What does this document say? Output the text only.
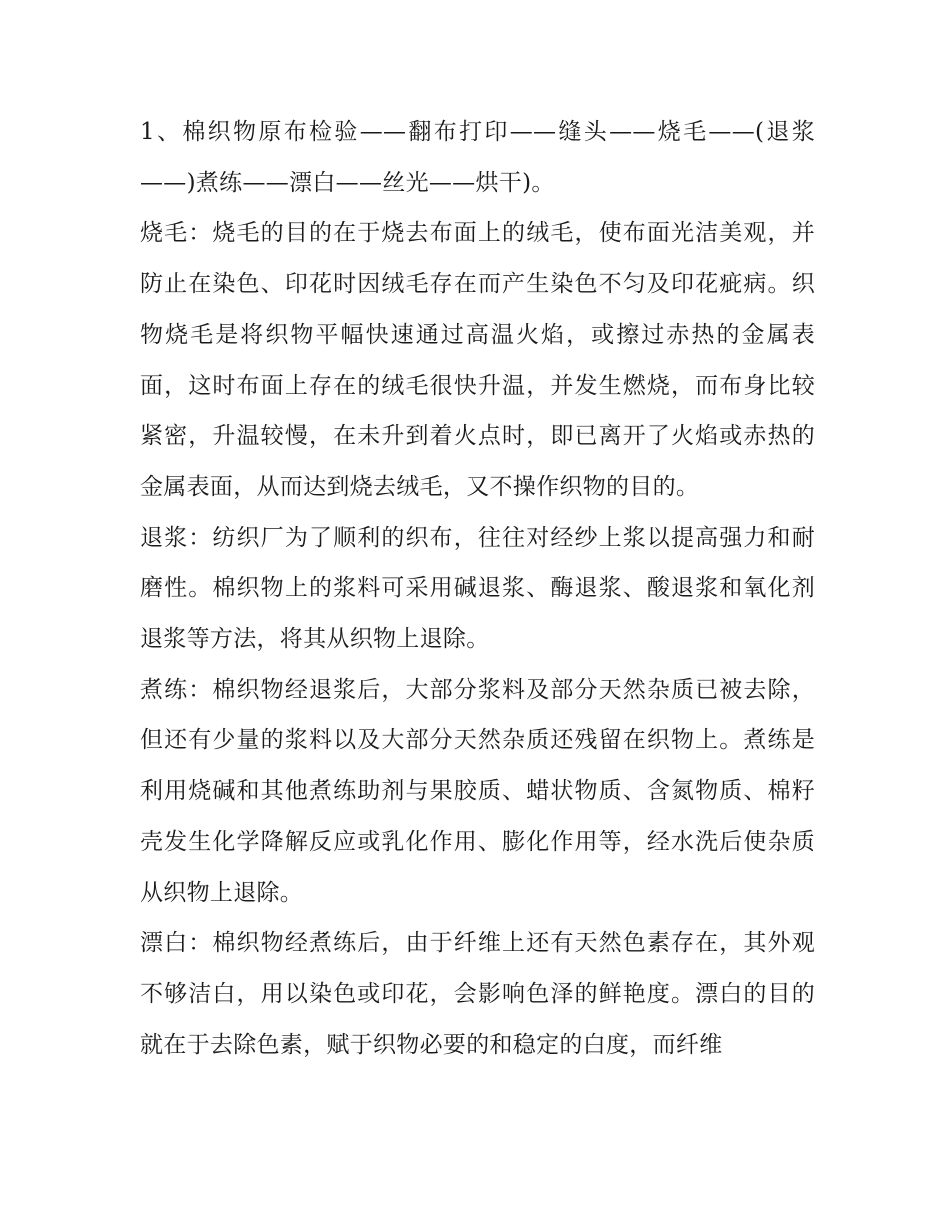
1、棉织物原布检验——翻布打印——缝头——烧毛——(退浆——)煮练——漂白——丝光——烘干)。

烧毛：烧毛的目的在于烧去布面上的绒毛，使布面光洁美观，并防止在染色、印花时因绒毛存在而产生染色不匀及印花疵病。织物烧毛是将织物平幅快速通过高温火焰，或擦过赤热的金属表面，这时布面上存在的绒毛很快升温，并发生燃烧，而布身比较紧密，升温较慢，在未升到着火点时，即已离开了火焰或赤热的金属表面，从而达到烧去绒毛，又不操作织物的目的。

退浆：纺织厂为了顺利的织布，往往对经纱上浆以提高强力和耐磨性。棉织物上的浆料可采用碱退浆、酶退浆、酸退浆和氧化剂退浆等方法，将其从织物上退除。

煮练：棉织物经退浆后，大部分浆料及部分天然杂质已被去除，但还有少量的浆料以及大部分天然杂质还残留在织物上。煮练是利用烧碱和其他煮练助剂与果胶质、蜡状物质、含氮物质、棉籽壳发生化学降解反应或乳化作用、膨化作用等，经水洗后使杂质从织物上退除。

漂白：棉织物经煮练后，由于纤维上还有天然色素存在，其外观不够洁白，用以染色或印花，会影响色泽的鲜艳度。漂白的目的就在于去除色素，赋于织物必要的和稳定的白度，而纤维
